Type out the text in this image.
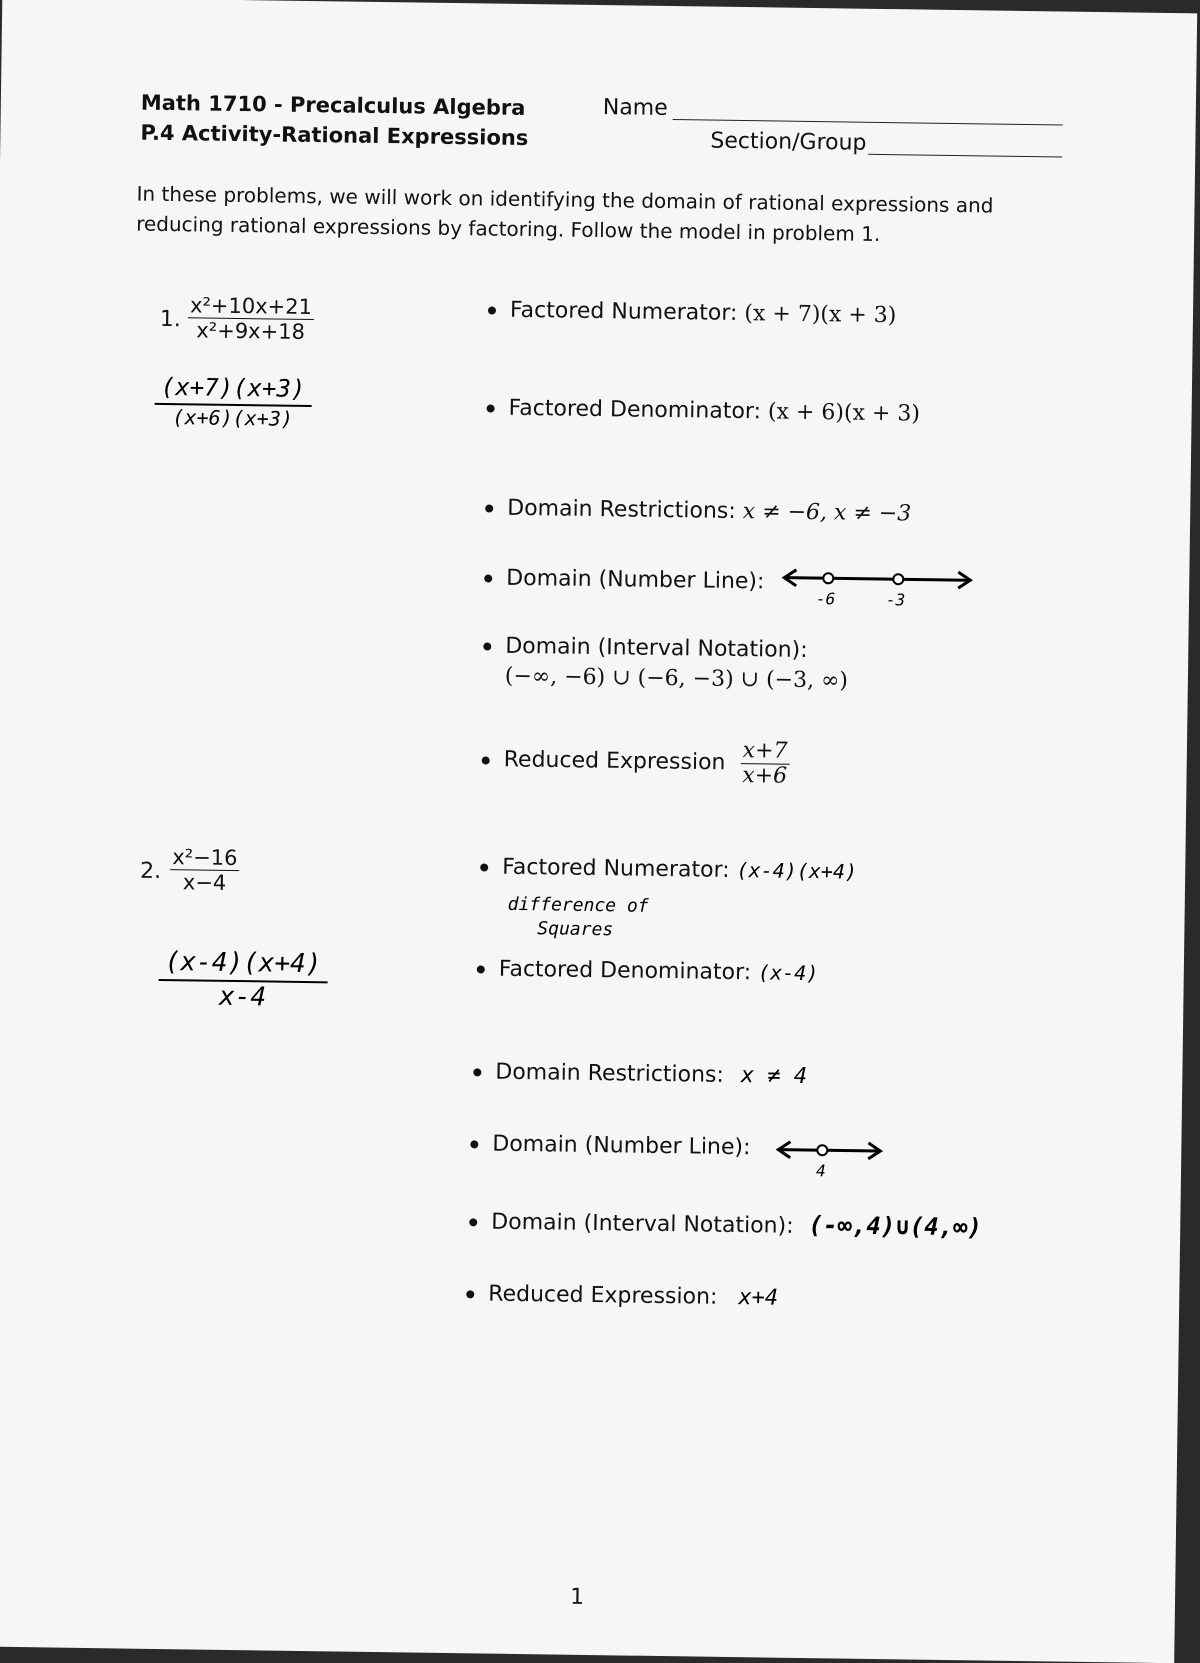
Math 1710 - Precalculus Algebra
P.4 Activity-Rational Expressions
Name
Section/Group
In these problems, we will work on identifying the domain of rational expressions and reducing rational expressions by factoring. Follow the model in problem 1.
1. $\frac{\text{x²+10x+21}}{\text{x²+9x+18}}$
(x+7)(x+3)
(x+6)(x+3)
Factored Numerator: (x + 7)(x + 3)
Factored Denominator: (x + 6)(x + 3)
Domain Restrictions: x ≠ −6, x ≠ −3
Domain (Number Line):
-6	-3
Domain (Interval Notation):
(−∞, −6) ∪ (−6, −3) ∪ (−3, ∞)
Reduced Expression $\frac{x+7}{x+6}$
2. $\frac{\text{x²−16}}{x-4}$
$\frac{(x-4)(x+4)}{x-4}$
Factored Numerator: (x-4)(x+4)
difference of
Squares
Factored Denominator: (x-4)
Domain Restrictions: x ≠ 4
Domain (Number Line):
4
Domain (Interval Notation): (-∞,4)∪(4,∞)
Reduced Expression: x+4
1
